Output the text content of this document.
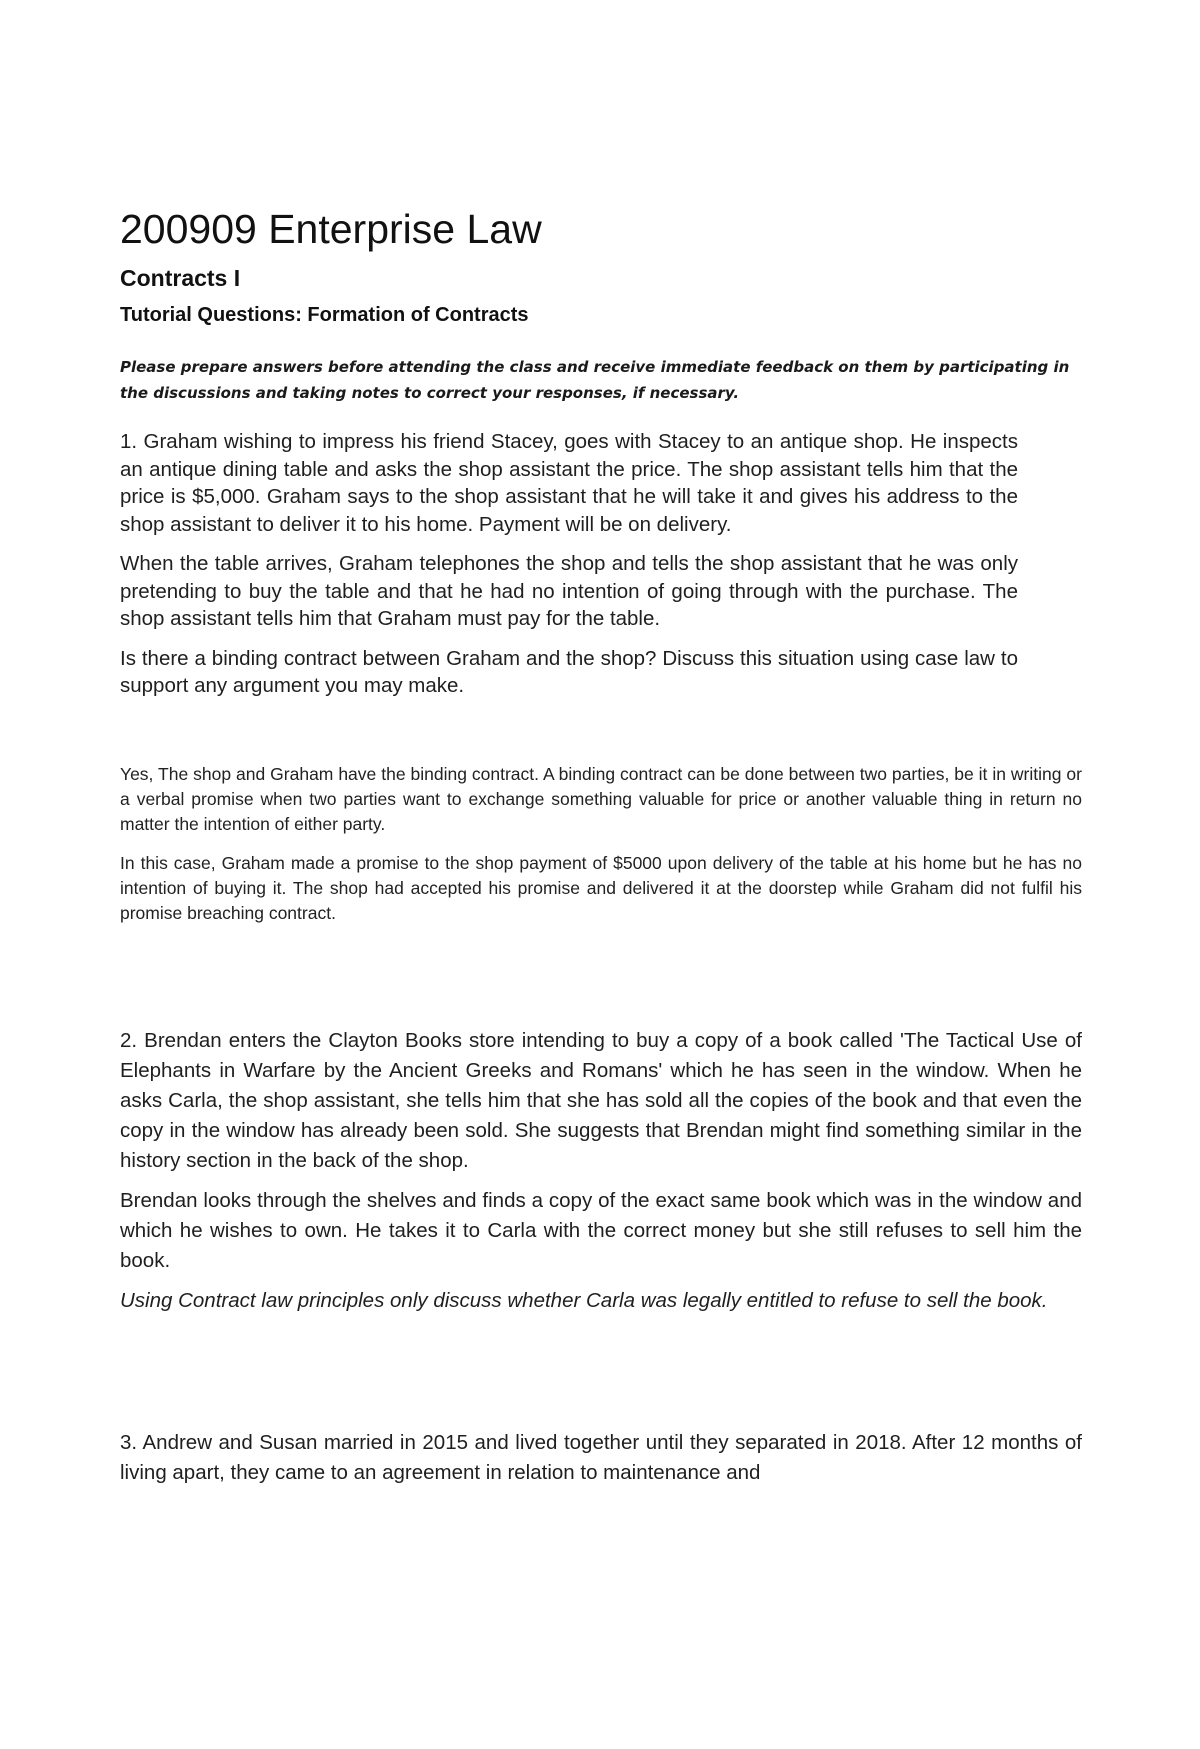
200909 Enterprise Law
Contracts I
Tutorial Questions: Formation of Contracts

Please prepare answers before attending the class and receive immediate feedback on them by participating in the discussions and taking notes to correct your responses, if necessary.

1. Graham wishing to impress his friend Stacey, goes with Stacey to an antique shop. He inspects an antique dining table and asks the shop assistant the price. The shop assistant tells him that the price is $5,000. Graham says to the shop assistant that he will take it and gives his address to the shop assistant to deliver it to his home. Payment will be on delivery.

When the table arrives, Graham telephones the shop and tells the shop assistant that he was only pretending to buy the table and that he had no intention of going through with the purchase. The shop assistant tells him that Graham must pay for the table.

Is there a binding contract between Graham and the shop? Discuss this situation using case law to support any argument you may make.

Yes, The shop and Graham have the binding contract. A binding contract can be done between two parties, be it in writing or a verbal promise when two parties want to exchange something valuable for price or another valuable thing in return no matter the intention of either party.

In this case, Graham made a promise to the shop payment of $5000 upon delivery of the table at his home but he has no intention of buying it. The shop had accepted his promise and delivered it at the doorstep while Graham did not fulfil his promise breaching contract.

2. Brendan enters the Clayton Books store intending to buy a copy of a book called 'The Tactical Use of Elephants in Warfare by the Ancient Greeks and Romans' which he has seen in the window. When he asks Carla, the shop assistant, she tells him that she has sold all the copies of the book and that even the copy in the window has already been sold. She suggests that Brendan might find something similar in the history section in the back of the shop.

Brendan looks through the shelves and finds a copy of the exact same book which was in the window and which he wishes to own. He takes it to Carla with the correct money but she still refuses to sell him the book.

Using Contract law principles only discuss whether Carla was legally entitled to refuse to sell the book.

3. Andrew and Susan married in 2015 and lived together until they separated in 2018. After 12 months of living apart, they came to an agreement in relation to maintenance and
